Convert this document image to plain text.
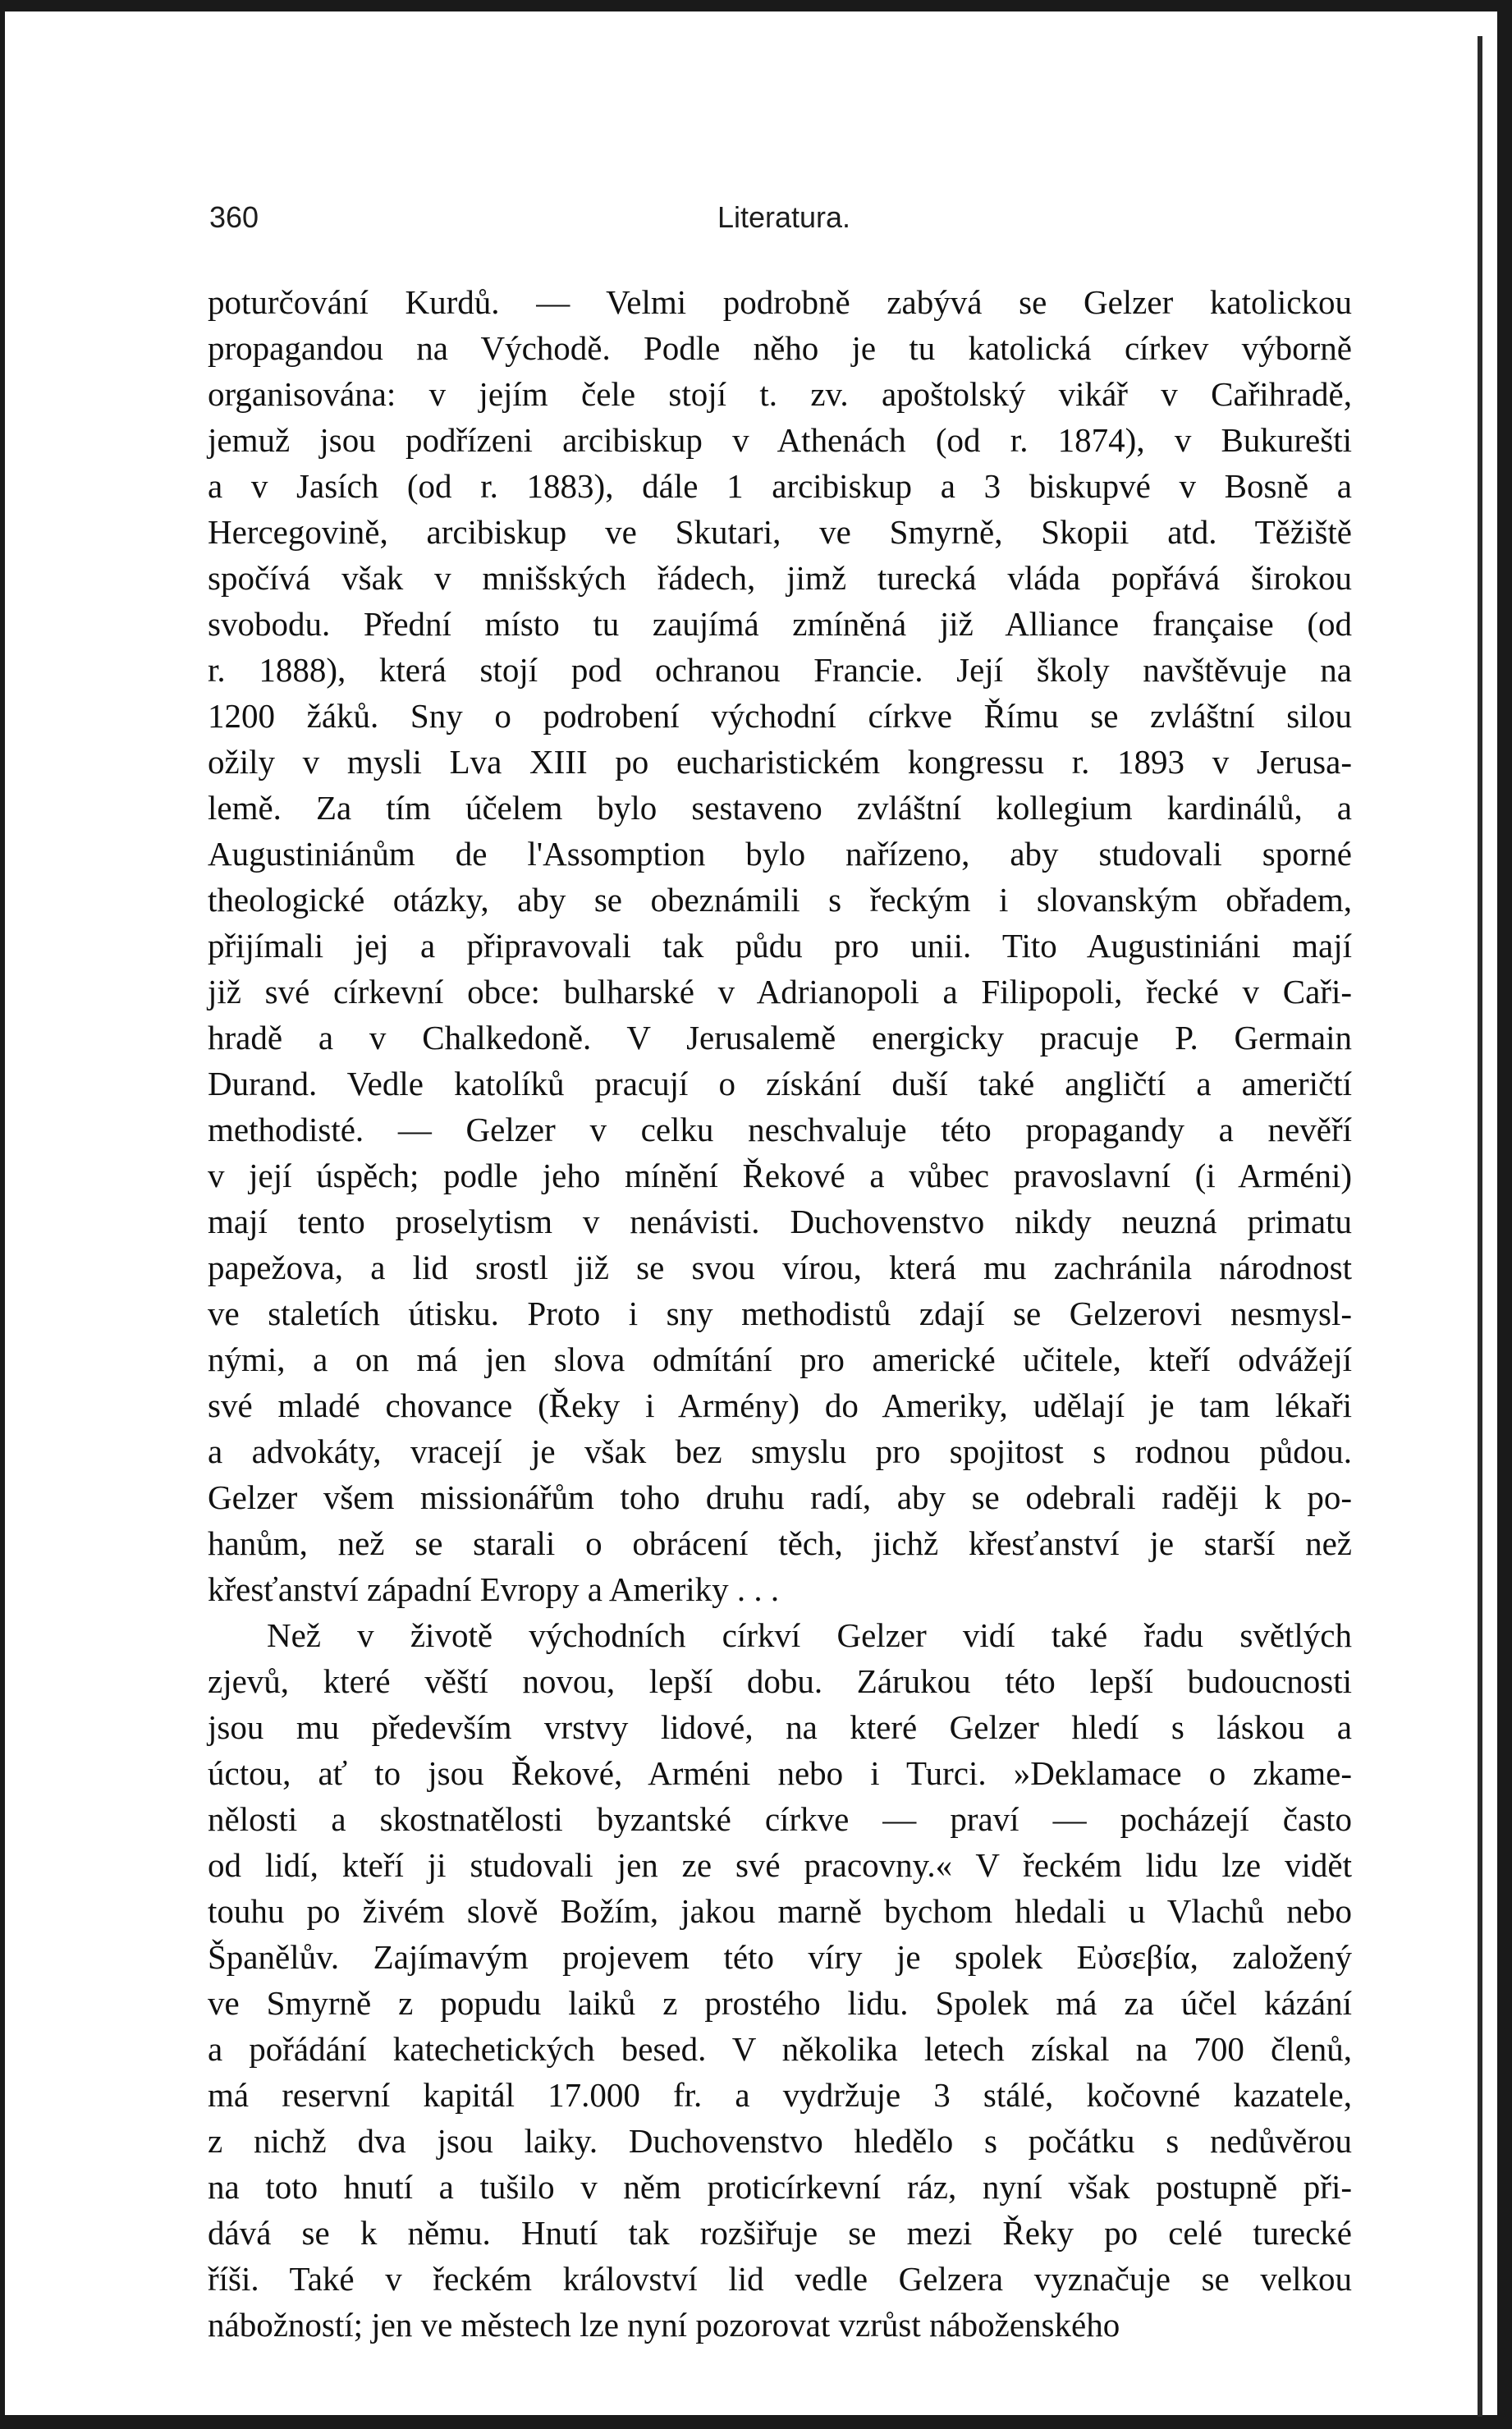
360	Literatura.
poturčování Kurdů. — Velmi podrobně zabývá se Gelzer katolickou
propagandou na Východě. Podle něho je tu katolická církev výborně
organisována: v jejím čele stojí t. zv. apoštolský vikář v Cařihradě,
jemuž jsou podřízeni arcibiskup v Athenách (od r. 1874), v Bukurešti
a v Jasích (od r. 1883), dále 1 arcibiskup a 3 biskupvé v Bosně a
Hercegovině, arcibiskup ve Skutari, ve Smyrně, Skopii atd. Těžiště
spočívá však v mnišských řádech, jimž turecká vláda popřává širokou
svobodu. Přední místo tu zaujímá zmíněná již Alliance française (od
r. 1888), která stojí pod ochranou Francie. Její školy navštěvuje na
1200 žáků. Sny o podrobení východní církve Římu se zvláštní silou
ožily v mysli Lva XIII po eucharistickém kongressu r. 1893 v Jerusa-
lemě. Za tím účelem bylo sestaveno zvláštní kollegium kardinálů, a
Augustiniánům de l'Assomption bylo nařízeno, aby studovali sporné
theologické otázky, aby se obeznámili s řeckým i slovanským obřadem,
přijímali jej a připravovali tak půdu pro unii. Tito Augustiniáni mají
již své církevní obce: bulharské v Adrianopoli a Filipopoli, řecké v Caři-
hradě a v Chalkedoně. V Jerusalemě energicky pracuje P. Germain
Durand. Vedle katolíků pracují o získání duší také angličtí a američtí
methodisté. — Gelzer v celku neschvaluje této propagandy a nevěří
v její úspěch; podle jeho mínění Řekové a vůbec pravoslavní (i Arméni)
mají tento proselytism v nenávisti. Duchovenstvo nikdy neuzná primatu
papežova, a lid srostl již se svou vírou, která mu zachránila národnost
ve staletích útisku. Proto i sny methodistů zdají se Gelzerovi nesmysl-
nými, a on má jen slova odmítání pro americké učitele, kteří odvážejí
své mladé chovance (Řeky i Armény) do Ameriky, udělají je tam lékaři
a advokáty, vracejí je však bez smyslu pro spojitost s rodnou půdou.
Gelzer všem missionářům toho druhu radí, aby se odebrali raději k po-
hanům, než se starali o obrácení těch, jichž křesťanství je starší než
křesťanství západní Evropy a Ameriky . . .
Než v životě východních církví Gelzer vidí také řadu světlých
zjevů, které věští novou, lepší dobu. Zárukou této lepší budoucnosti
jsou mu především vrstvy lidové, na které Gelzer hledí s láskou a
úctou, ať to jsou Řekové, Arméni nebo i Turci. »Deklamace o zkame-
nělosti a skostnatělosti byzantské církve — praví — pocházejí často
od lidí, kteří ji studovali jen ze své pracovny.« V řeckém lidu lze vidět
touhu po živém slově Božím, jakou marně bychom hledali u Vlachů nebo
Španělův. Zajímavým projevem této víry je spolek Εὐσεβία, založený
ve Smyrně z popudu laiků z prostého lidu. Spolek má za účel kázání
a pořádání katechetických besed. V několika letech získal na 700 členů,
má reservní kapitál 17.000 fr. a vydržuje 3 stálé, kočovné kazatele,
z nichž dva jsou laiky. Duchovenstvo hledělo s počátku s nedůvěrou
na toto hnutí a tušilo v něm proticírkevní ráz, nyní však postupně při-
dává se k němu. Hnutí tak rozšiřuje se mezi Řeky po celé turecké
říši. Také v řeckém království lid vedle Gelzera vyznačuje se velkou
nábožností; jen ve městech lze nyní pozorovat vzrůst náboženského
